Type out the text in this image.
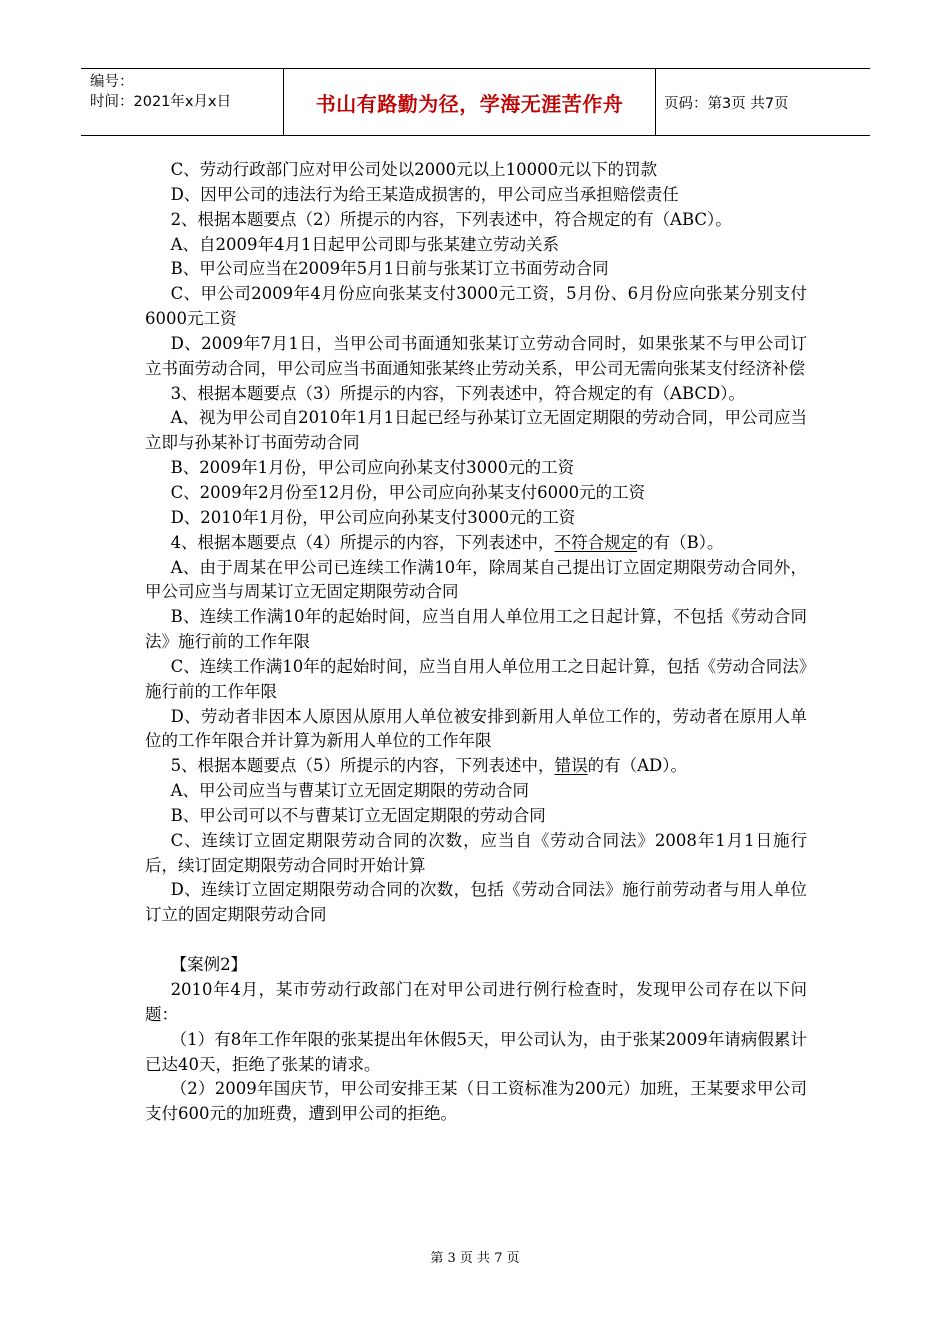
编号：
时间：2021年x月x日	书山有路勤为径，学海无涯苦作舟	页码：第3页 共7页
C、劳动行政部门应对甲公司处以2000元以上10000元以下的罚款
D、因甲公司的违法行为给王某造成损害的，甲公司应当承担赔偿责任
2、根据本题要点（2）所提示的内容，下列表述中，符合规定的有（ABC）。
A、自2009年4月1日起甲公司即与张某建立劳动关系
B、甲公司应当在2009年5月1日前与张某订立书面劳动合同
C、甲公司2009年4月份应向张某支付3000元工资，5月份、6月份应向张某分别支付6000元工资
D、2009年7月1日，当甲公司书面通知张某订立劳动合同时，如果张某不与甲公司订立书面劳动合同，甲公司应当书面通知张某终止劳动关系，甲公司无需向张某支付经济补偿
3、根据本题要点（3）所提示的内容，下列表述中，符合规定的有（ABCD）。
A、视为甲公司自2010年1月1日起已经与孙某订立无固定期限的劳动合同，甲公司应当立即与孙某补订书面劳动合同
B、2009年1月份，甲公司应向孙某支付3000元的工资
C、2009年2月份至12月份，甲公司应向孙某支付6000元的工资
D、2010年1月份，甲公司应向孙某支付3000元的工资
4、根据本题要点（4）所提示的内容，下列表述中，不符合规定的有（B）。
A、由于周某在甲公司已连续工作满10年，除周某自己提出订立固定期限劳动合同外，甲公司应当与周某订立无固定期限劳动合同
B、连续工作满10年的起始时间，应当自用人单位用工之日起计算，不包括《劳动合同法》施行前的工作年限
C、连续工作满10年的起始时间，应当自用人单位用工之日起计算，包括《劳动合同法》施行前的工作年限
D、劳动者非因本人原因从原用人单位被安排到新用人单位工作的，劳动者在原用人单位的工作年限合并计算为新用人单位的工作年限
5、根据本题要点（5）所提示的内容，下列表述中，错误的有（AD）。
A、甲公司应当与曹某订立无固定期限的劳动合同
B、甲公司可以不与曹某订立无固定期限的劳动合同
C、连续订立固定期限劳动合同的次数，应当自《劳动合同法》2008年1月1日施行后，续订固定期限劳动合同时开始计算
D、连续订立固定期限劳动合同的次数，包括《劳动合同法》施行前劳动者与用人单位订立的固定期限劳动合同
【案例2】
2010年4月，某市劳动行政部门在对甲公司进行例行检查时，发现甲公司存在以下问题：
（1）有8年工作年限的张某提出年休假5天，甲公司认为，由于张某2009年请病假累计已达40天，拒绝了张某的请求。
（2）2009年国庆节，甲公司安排王某（日工资标准为200元）加班，王某要求甲公司支付600元的加班费，遭到甲公司的拒绝。
第 3 页 共 7 页
